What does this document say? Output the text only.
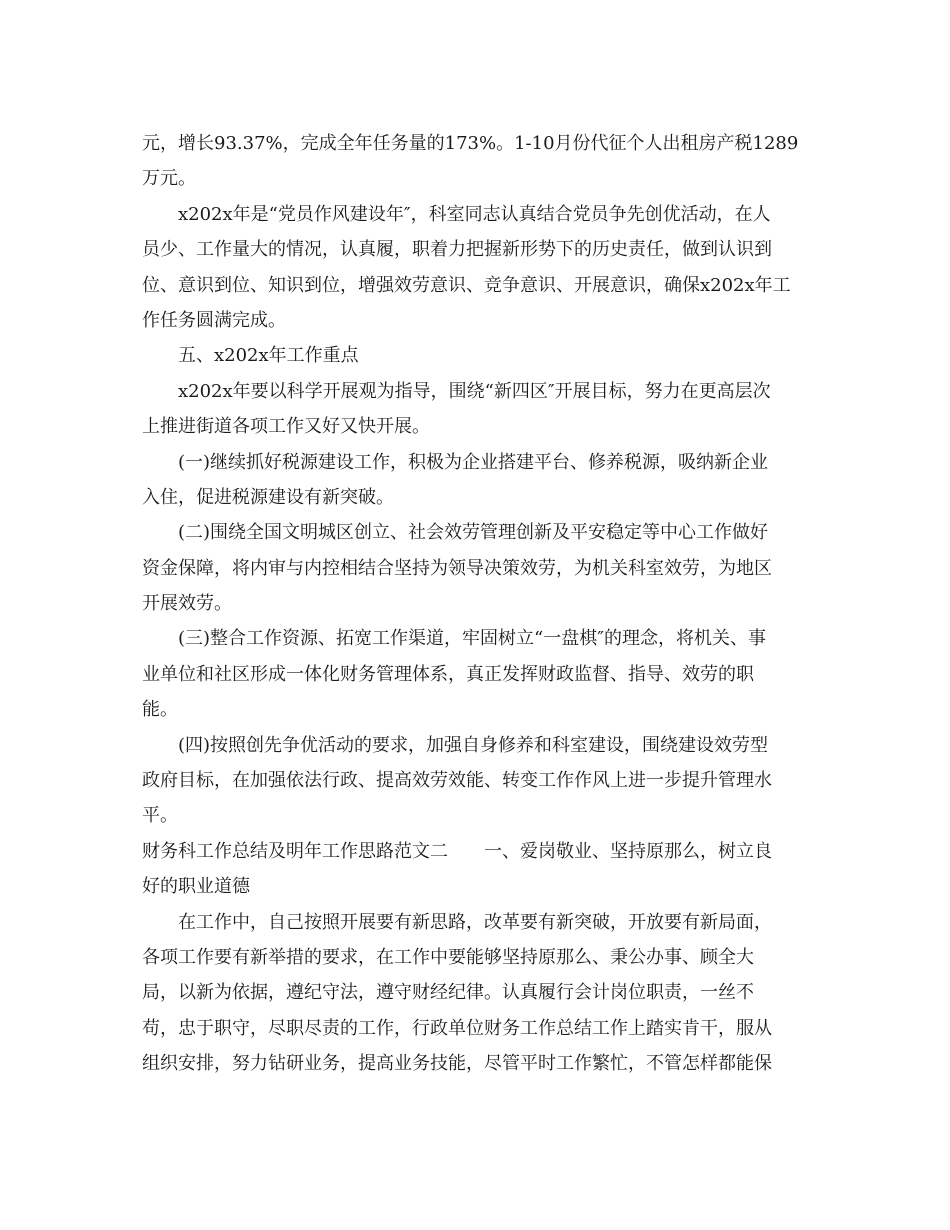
元，增长93.37%，完成全年任务量的173%。1-10月份代征个人出租房产税1289
万元。
x202x年是“党员作风建设年″，科室同志认真结合党员争先创优活动，在人
员少、工作量大的情况，认真履，职着力把握新形势下的历史责任，做到认识到
位、意识到位、知识到位，增强效劳意识、竞争意识、开展意识，确保x202x年工
作任务圆满完成。
五、x202x年工作重点
x202x年要以科学开展观为指导，围绕“新四区″开展目标，努力在更高层次
上推进街道各项工作又好又快开展。
(一)继续抓好税源建设工作，积极为企业搭建平台、修养税源，吸纳新企业
入住，促进税源建设有新突破。
(二)围绕全国文明城区创立、社会效劳管理创新及平安稳定等中心工作做好
资金保障，将内审与内控相结合坚持为领导决策效劳，为机关科室效劳，为地区
开展效劳。
(三)整合工作资源、拓宽工作渠道，牢固树立“一盘棋″的理念，将机关、事
业单位和社区形成一体化财务管理体系，真正发挥财政监督、指导、效劳的职
能。
(四)按照创先争优活动的要求，加强自身修养和科室建设，围绕建设效劳型
政府目标，在加强依法行政、提高效劳效能、转变工作作风上进一步提升管理水
平。
财务科工作总结及明年工作思路范文二 一、爱岗敬业、坚持原那么，树立良
好的职业道德
在工作中，自己按照开展要有新思路，改革要有新突破，开放要有新局面，
各项工作要有新举措的要求，在工作中要能够坚持原那么、秉公办事、顾全大
局，以新为依据，遵纪守法，遵守财经纪律。认真履行会计岗位职责，一丝不
苟，忠于职守，尽职尽责的工作，行政单位财务工作总结工作上踏实肯干，服从
组织安排，努力钻研业务，提高业务技能，尽管平时工作繁忙，不管怎样都能保
